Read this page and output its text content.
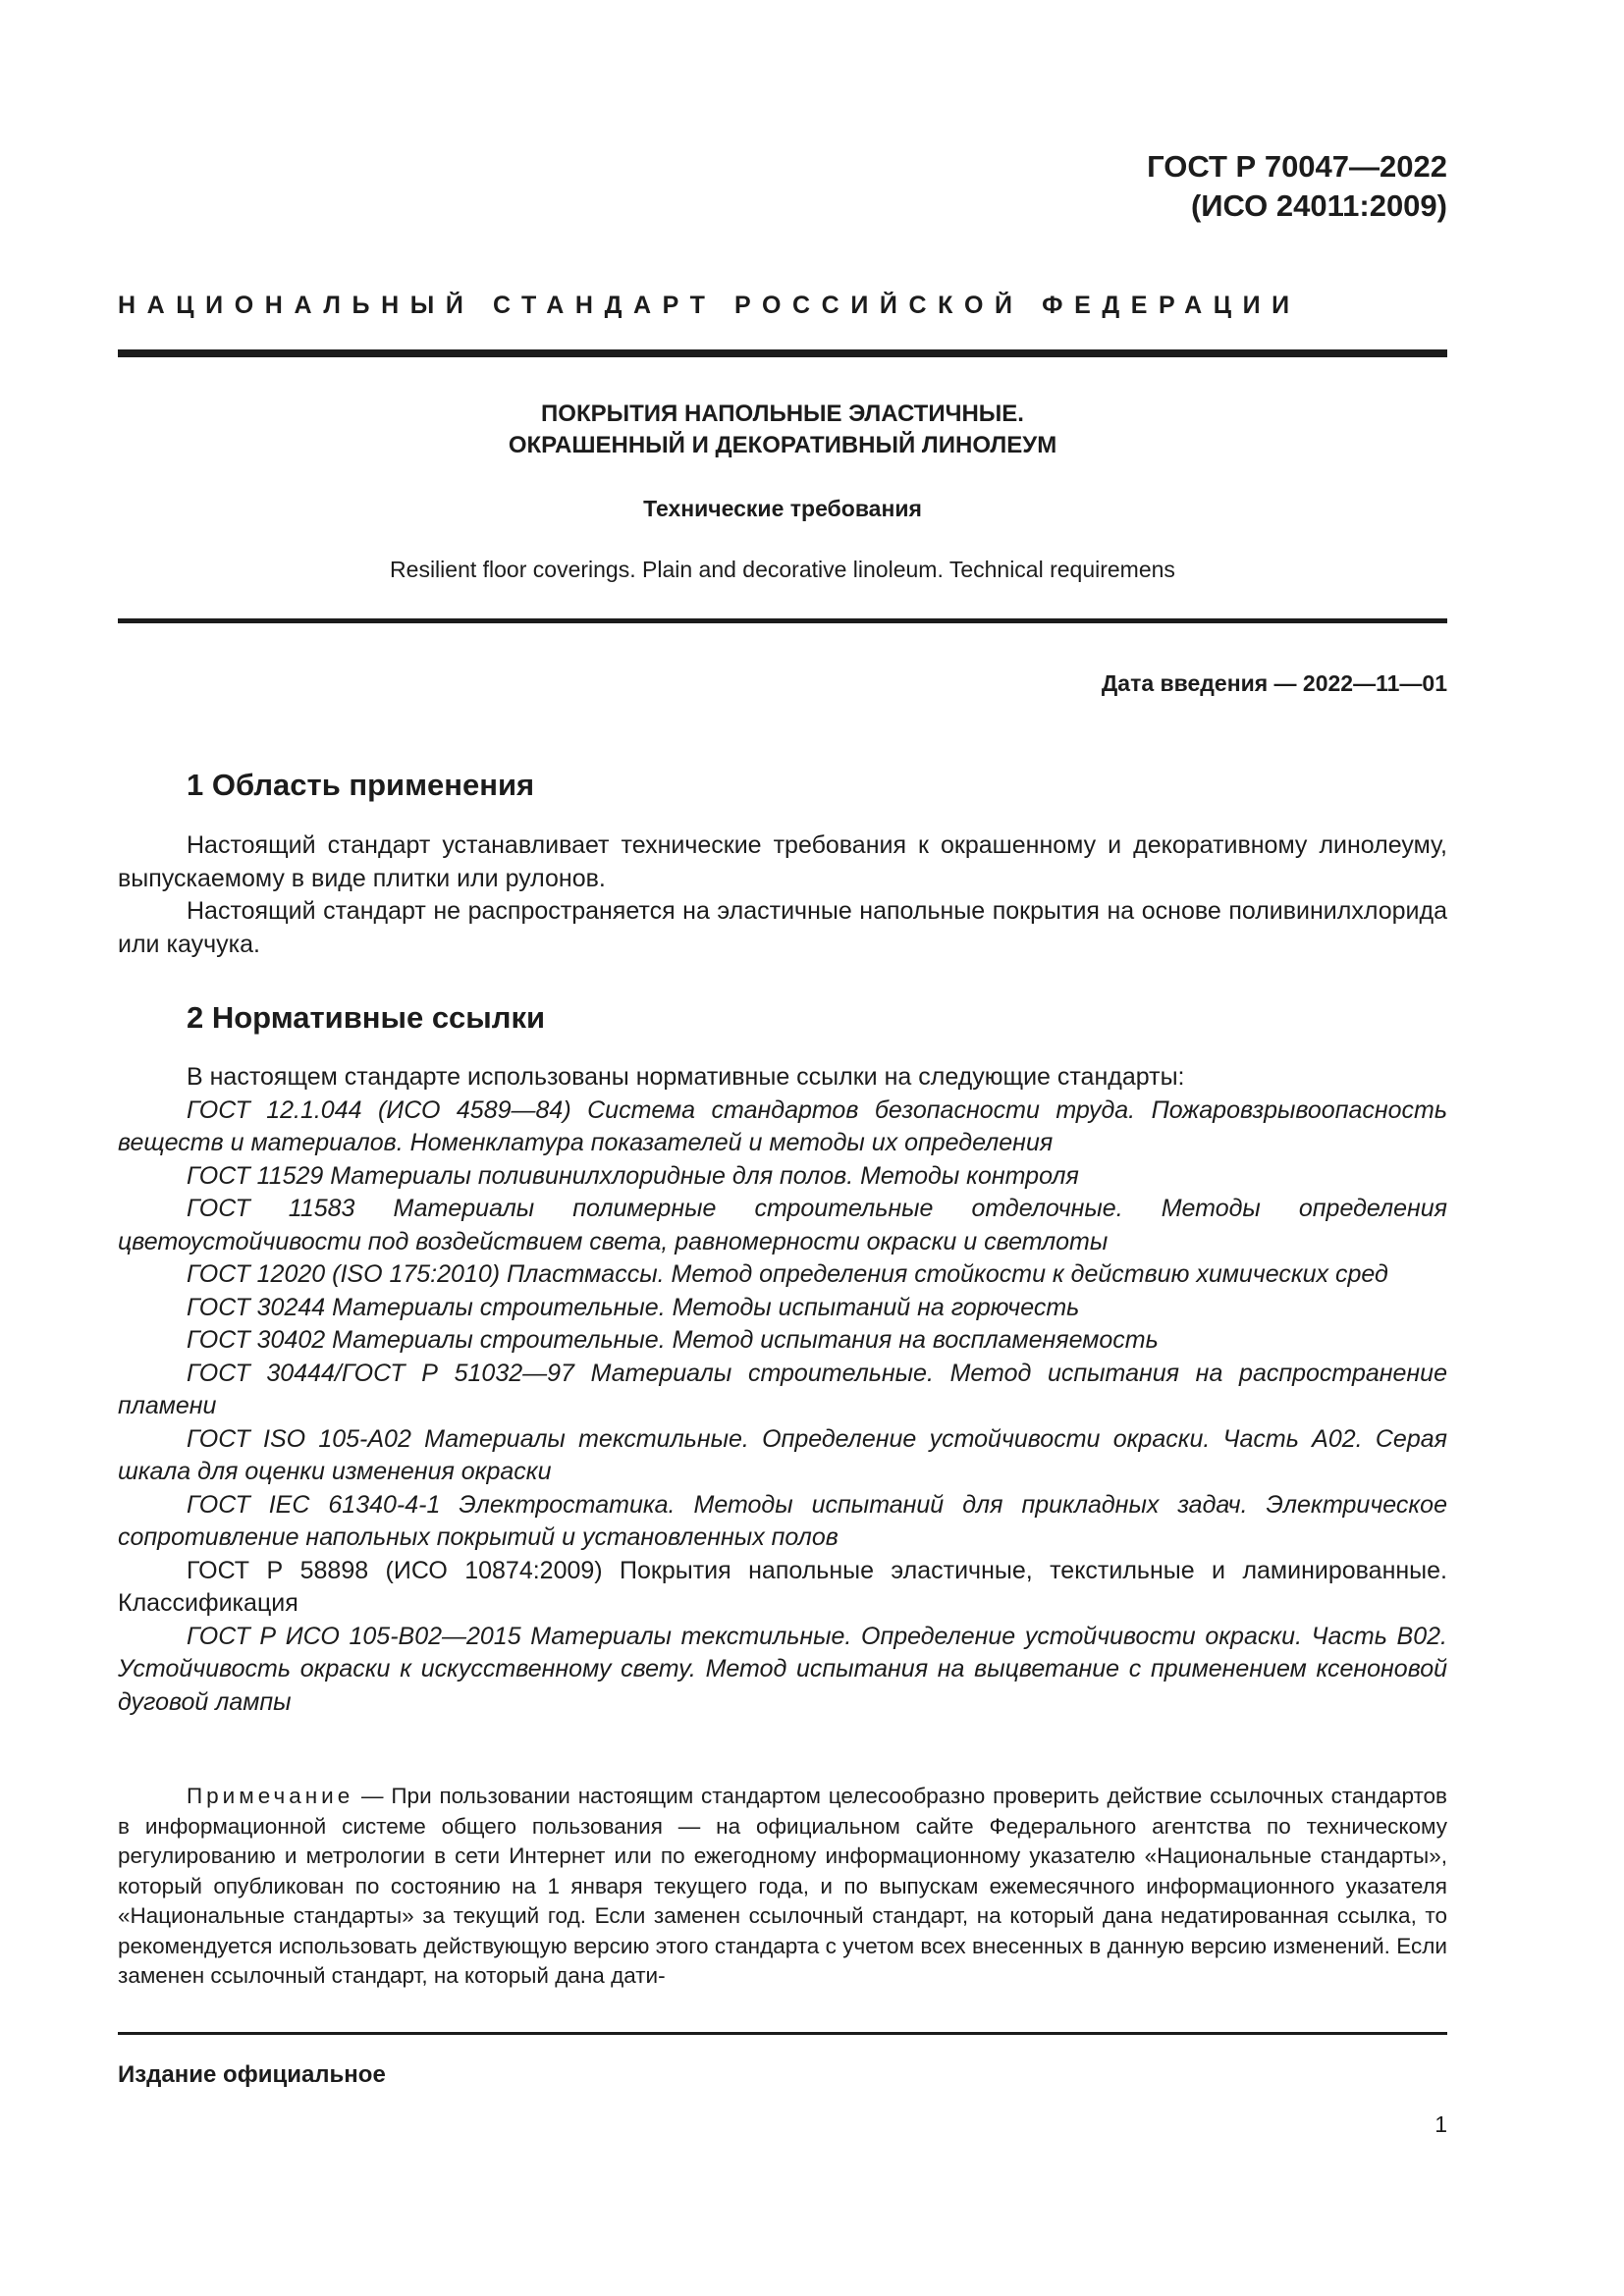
ГОСТ Р 70047—2022
(ИСО 24011:2009)
НАЦИОНАЛЬНЫЙ СТАНДАРТ РОССИЙСКОЙ ФЕДЕРАЦИИ
ПОКРЫТИЯ НАПОЛЬНЫЕ ЭЛАСТИЧНЫЕ.
ОКРАШЕННЫЙ И ДЕКОРАТИВНЫЙ ЛИНОЛЕУМ
Технические требования
Resilient floor coverings. Plain and decorative linoleum. Technical requiremens
Дата введения — 2022—11—01
1 Область применения

Настоящий стандарт устанавливает технические требования к окрашенному и декоративному линолеуму, выпускаемому в виде плитки или рулонов.

Настоящий стандарт не распространяется на эластичные напольные покрытия на основе поливинилхлорида или каучука.

2 Нормативные ссылки

В настоящем стандарте использованы нормативные ссылки на следующие стандарты:

ГОСТ 12.1.044 (ИСО 4589—84) Система стандартов безопасности труда. Пожаровзрывоопасность веществ и материалов. Номенклатура показателей и методы их определения

ГОСТ 11529 Материалы поливинилхлоридные для полов. Методы контроля

ГОСТ 11583 Материалы полимерные строительные отделочные. Методы определения цветоустойчивости под воздействием света, равномерности окраски и светлоты

ГОСТ 12020 (ISO 175:2010) Пластмассы. Метод определения стойкости к действию химических сред

ГОСТ 30244 Материалы строительные. Методы испытаний на горючесть

ГОСТ 30402 Материалы строительные. Метод испытания на воспламеняемость

ГОСТ 30444/ГОСТ Р 51032—97 Материалы строительные. Метод испытания на распространение пламени

ГОСТ ISO 105-A02 Материалы текстильные. Определение устойчивости окраски. Часть А02. Серая шкала для оценки изменения окраски

ГОСТ IEC 61340-4-1 Электростатика. Методы испытаний для прикладных задач. Электрическое сопротивление напольных покрытий и установленных полов

ГОСТ Р 58898 (ИСО 10874:2009) Покрытия напольные эластичные, текстильные и ламинированные. Классификация

ГОСТ Р ИСО 105-В02—2015 Материалы текстильные. Определение устойчивости окраски. Часть В02. Устойчивость окраски к искусственному свету. Метод испытания на выцветание с применением ксеноновой дуговой лампы

Примечание — При пользовании настоящим стандартом целесообразно проверить действие ссылочных стандартов в информационной системе общего пользования — на официальном сайте Федерального агентства по техническому регулированию и метрологии в сети Интернет или по ежегодному информационному указателю «Национальные стандарты», который опубликован по состоянию на 1 января текущего года, и по выпускам ежемесячного информационного указателя «Национальные стандарты» за текущий год. Если заменен ссылочный стандарт, на который дана недатированная ссылка, то рекомендуется использовать действующую версию этого стандарта с учетом всех внесенных в данную версию изменений. Если заменен ссылочный стандарт, на который дана дати-
Издание официальное
1
